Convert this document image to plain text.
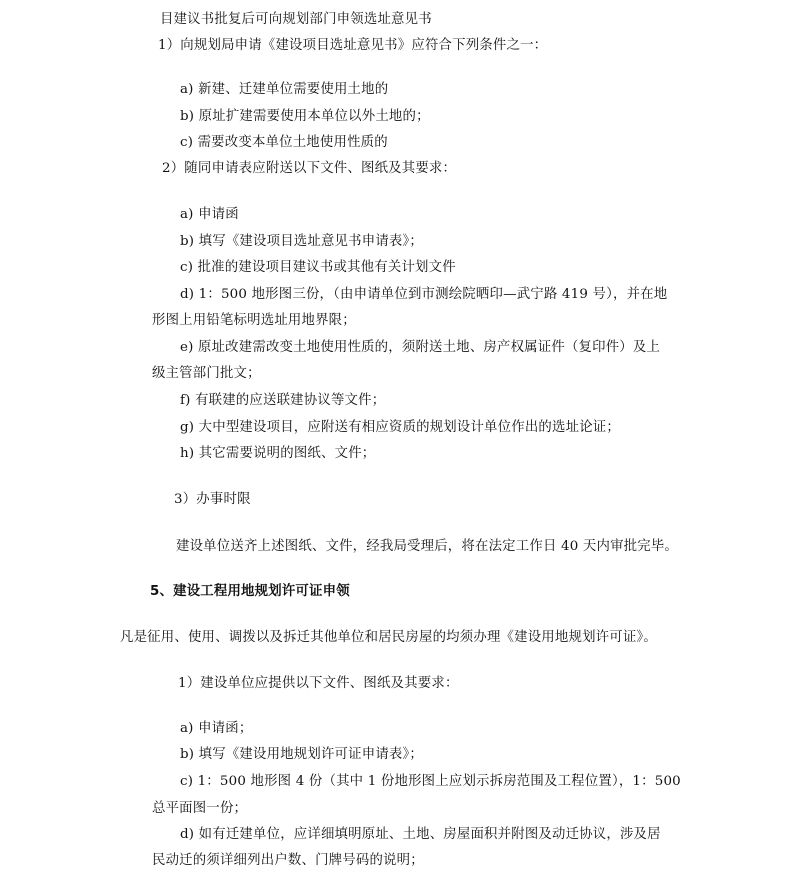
目建议书批复后可向规划部门申领选址意见书
1）向规划局申请《建设项目选址意见书》应符合下列条件之一：
a) 新建、迁建单位需要使用土地的
b) 原址扩建需要使用本单位以外土地的；
c) 需要改变本单位土地使用性质的
2）随同申请表应附送以下文件、图纸及其要求：
a) 申请函
b) 填写《建设项目选址意见书申请表》；
c) 批准的建设项目建议书或其他有关计划文件
d) 1：500 地形图三份，（由申请单位到市测绘院晒印—武宁路 419 号），并在地
形图上用铅笔标明选址用地界限；
e) 原址改建需改变土地使用性质的，须附送土地、房产权属证件（复印件）及上
级主管部门批文；
f) 有联建的应送联建协议等文件；
g) 大中型建设项目，应附送有相应资质的规划设计单位作出的选址论证；
h) 其它需要说明的图纸、文件；
3）办事时限
建设单位送齐上述图纸、文件，经我局受理后，将在法定工作日 40 天内审批完毕。
5、建设工程用地规划许可证申领
凡是征用、使用、调拨以及拆迁其他单位和居民房屋的均须办理《建设用地规划许可证》。
1）建设单位应提供以下文件、图纸及其要求：
a) 申请函；
b) 填写《建设用地规划许可证申请表》；
c) 1：500 地形图 4 份（其中 1 份地形图上应划示拆房范围及工程位置），1：500
总平面图一份；
d) 如有迁建单位，应详细填明原址、土地、房屋面积并附图及动迁协议，涉及居
民动迁的须详细列出户数、门牌号码的说明；
